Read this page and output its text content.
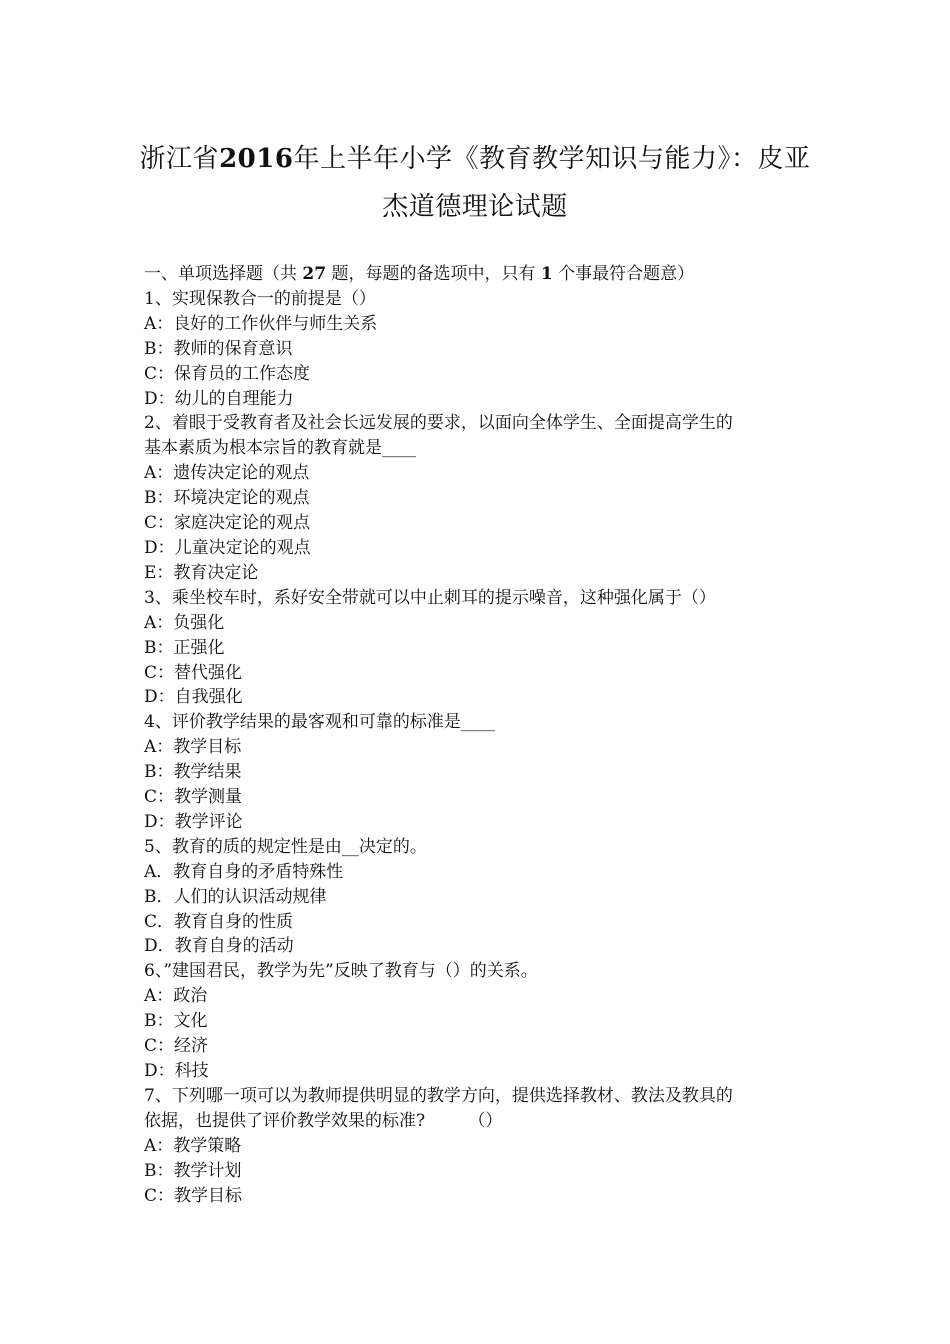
浙江省2016年上半年小学《教育教学知识与能力》：皮亚
杰道德理论试题
一、单项选择题（共 27 题，每题的备选项中，只有 1 个事最符合题意）
1、实现保教合一的前提是（）
A：良好的工作伙伴与师生关系
B：教师的保育意识
C：保育员的工作态度
D：幼儿的自理能力
2、着眼于受教育者及社会长远发展的要求，以面向全体学生、全面提高学生的
基本素质为根本宗旨的教育就是____
A：遗传决定论的观点
B：环境决定论的观点
C：家庭决定论的观点
D：儿童决定论的观点
E：教育决定论
3、乘坐校车时，系好安全带就可以中止刺耳的提示噪音，这种强化属于（）
A：负强化
B：正强化
C：替代强化
D：自我强化
4、评价教学结果的最客观和可靠的标准是____
A：教学目标
B：教学结果
C：教学测量
D：教学评论
5、教育的质的规定性是由__决定的。
A．教育自身的矛盾特殊性
B．人们的认识活动规律
C．教育自身的性质
D．教育自身的活动
6、”建国君民，教学为先”反映了教育与（）的关系。
A：政治
B：文化
C：经济
D：科技
7、下列哪一项可以为教师提供明显的教学方向，提供选择教材、教法及教具的
依据，也提供了评价教学效果的标准?        （）
A：教学策略
B：教学计划
C：教学目标
